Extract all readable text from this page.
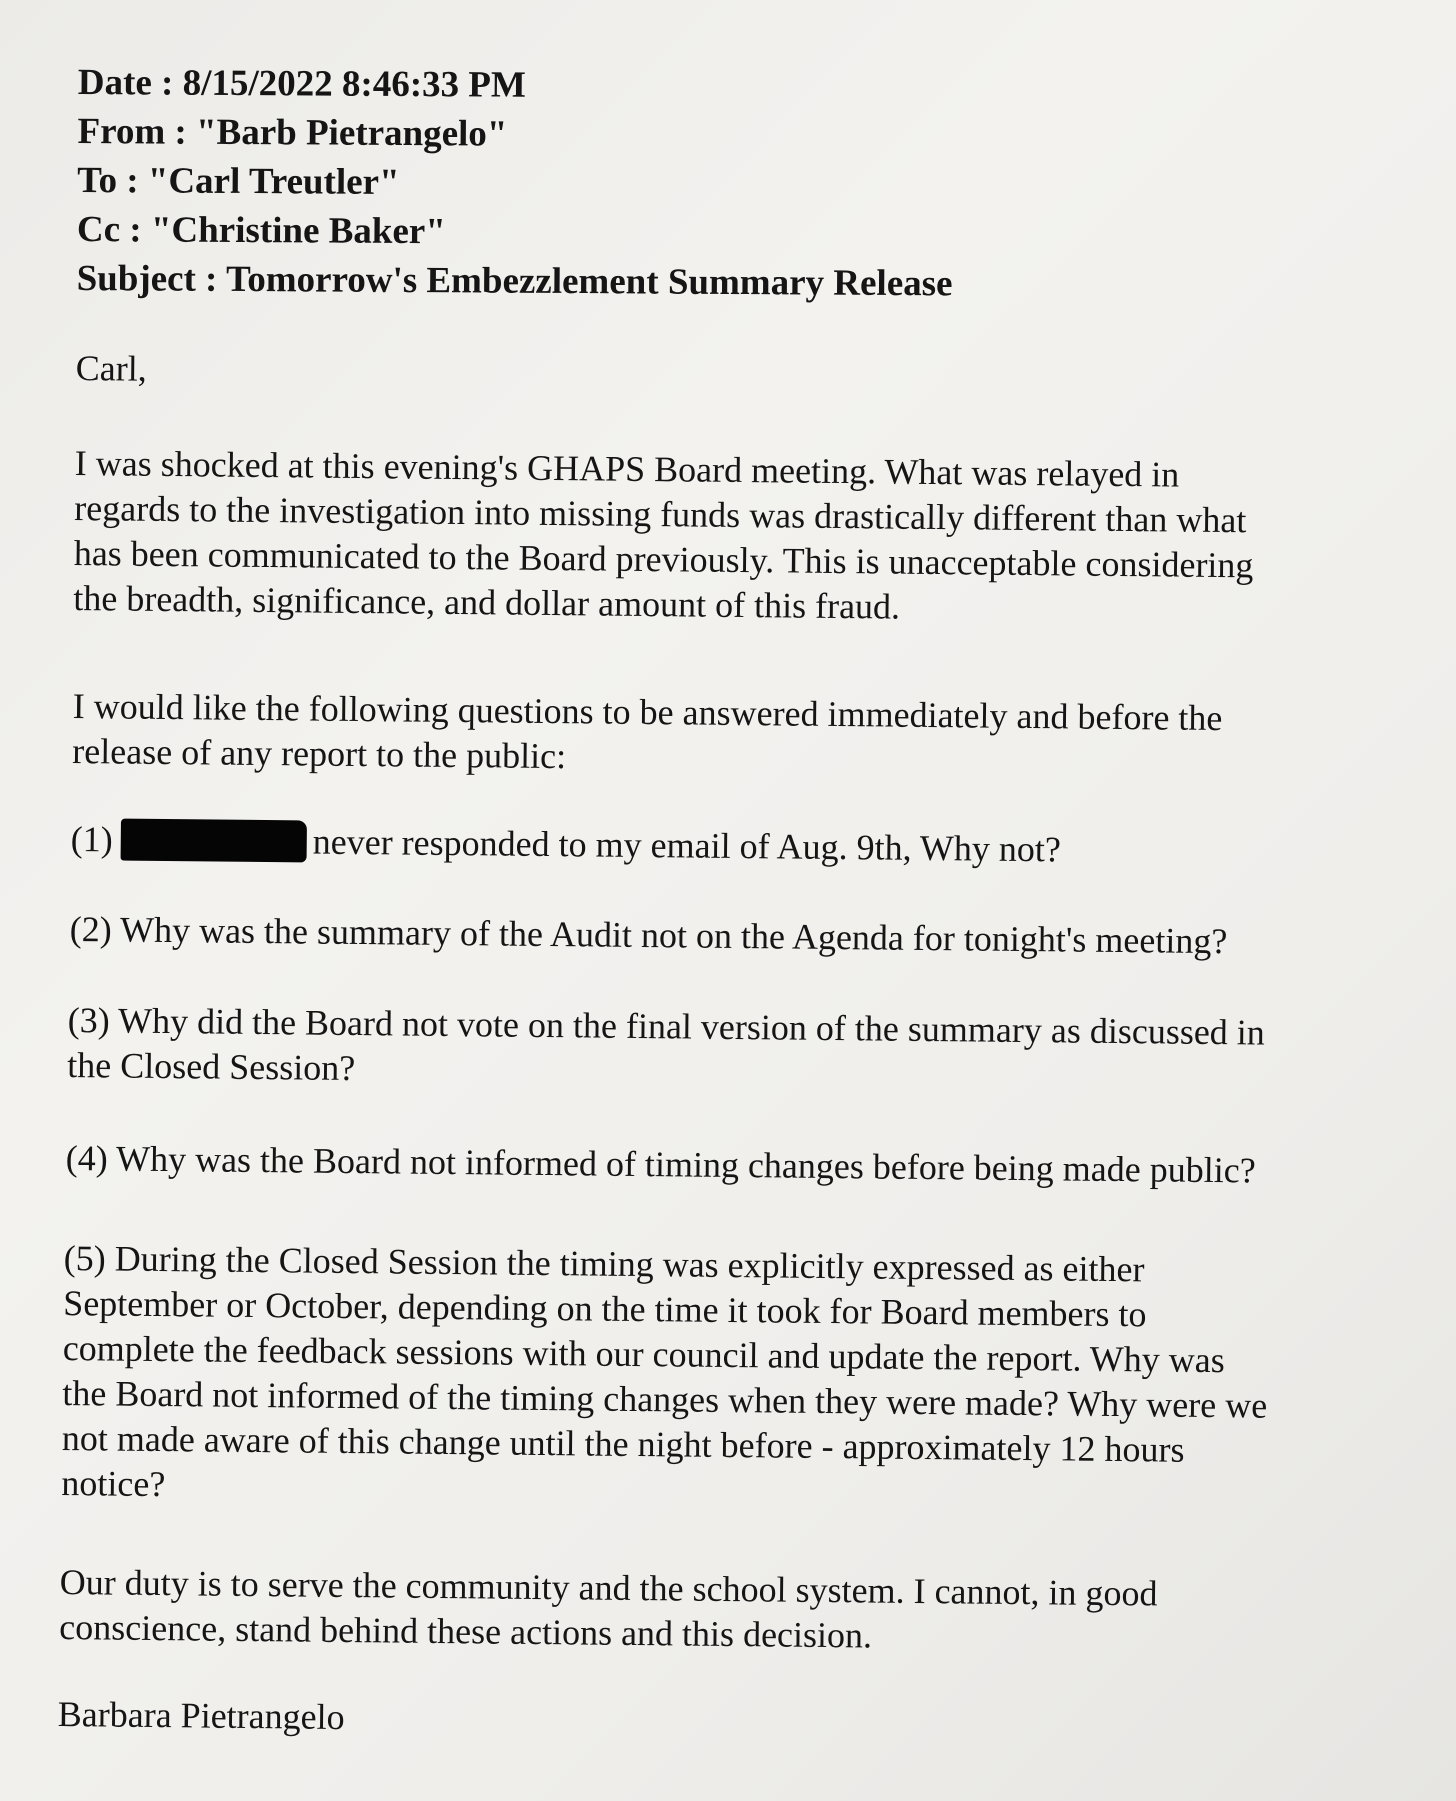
Date : 8/15/2022 8:46:33 PM
From : "Barb Pietrangelo"
To : "Carl Treutler"
Cc : "Christine Baker"
Subject : Tomorrow's Embezzlement Summary Release
Carl,
I was shocked at this evening's GHAPS Board meeting. What was relayed in
regards to the investigation into missing funds was drastically different than what
has been communicated to the Board previously. This is unacceptable considering
the breadth, significance, and dollar amount of this fraud.
I would like the following questions to be answered immediately and before the
release of any report to the public:
(1)	never responded to my email of Aug. 9th, Why not?
(2) Why was the summary of the Audit not on the Agenda for tonight's meeting?
(3) Why did the Board not vote on the final version of the summary as discussed in
the Closed Session?
(4) Why was the Board not informed of timing changes before being made public?
(5) During the Closed Session the timing was explicitly expressed as either
September or October, depending on the time it took for Board members to
complete the feedback sessions with our council and update the report. Why was
the Board not informed of the timing changes when they were made? Why were we
not made aware of this change until the night before - approximately 12 hours
notice?
Our duty is to serve the community and the school system. I cannot, in good
conscience, stand behind these actions and this decision.
Barbara Pietrangelo
